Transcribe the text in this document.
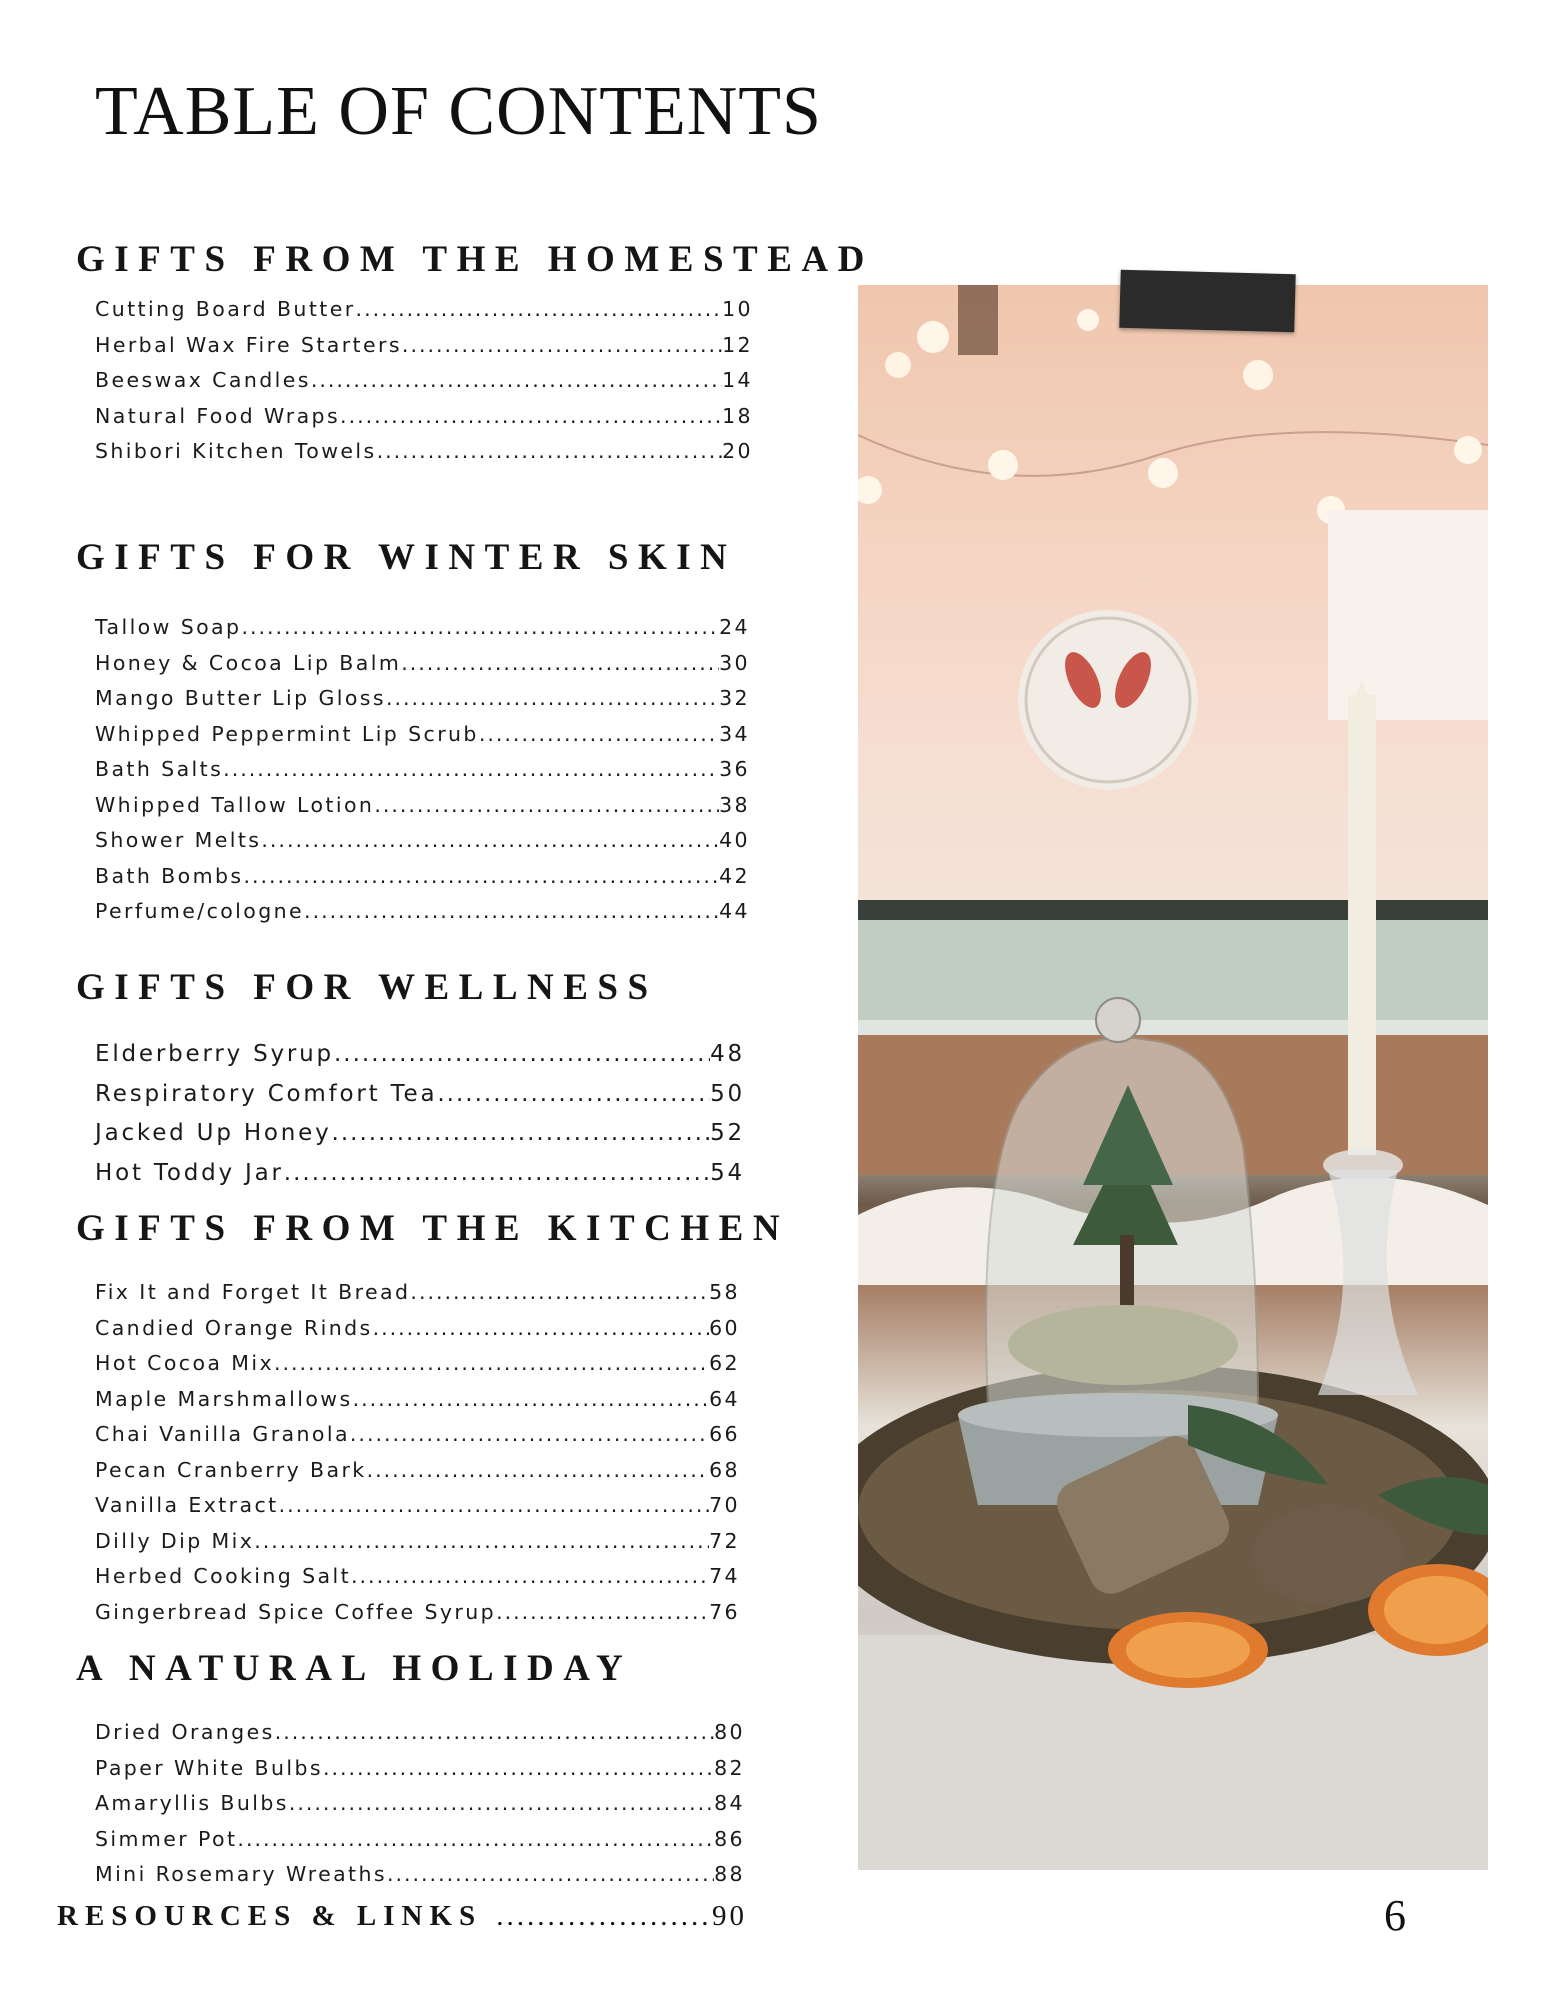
TABLE OF CONTENTS
GIFTS FROM THE HOMESTEAD
Cutting Board Butter .....	10
Herbal Wax Fire Starters .....	12
Beeswax Candles .....	14
Natural Food Wraps .....	18
Shibori Kitchen Towels .....	20
GIFTS FOR WINTER SKIN
Tallow Soap .....	24
Honey & Cocoa Lip Balm .....	30
Mango Butter Lip Gloss .....	32
Whipped Peppermint Lip Scrub .....	34
Bath Salts .....	36
Whipped Tallow Lotion .....	38
Shower Melts .....	40
Bath Bombs .....	42
Perfume/cologne .....	44
GIFTS FOR WELLNESS
Elderberry Syrup .....	48
Respiratory Comfort Tea .....	50
Jacked Up Honey .....	52
Hot Toddy Jar .....	54
GIFTS FROM THE KITCHEN
Fix It and Forget It Bread .....	58
Candied Orange Rinds .....	60
Hot Cocoa Mix .....	62
Maple Marshmallows .....	64
Chai Vanilla Granola .....	66
Pecan Cranberry Bark .....	68
Vanilla Extract .....	70
Dilly Dip Mix .....	72
Herbed Cooking Salt .....	74
Gingerbread Spice Coffee Syrup .....	76
A NATURAL HOLIDAY
Dried Oranges .....	80
Paper White Bulbs .....	82
Amaryllis Bulbs .....	84
Simmer Pot .....	86
Mini Rosemary Wreaths .....	88
RESOURCES & LINKS .....	90	6
